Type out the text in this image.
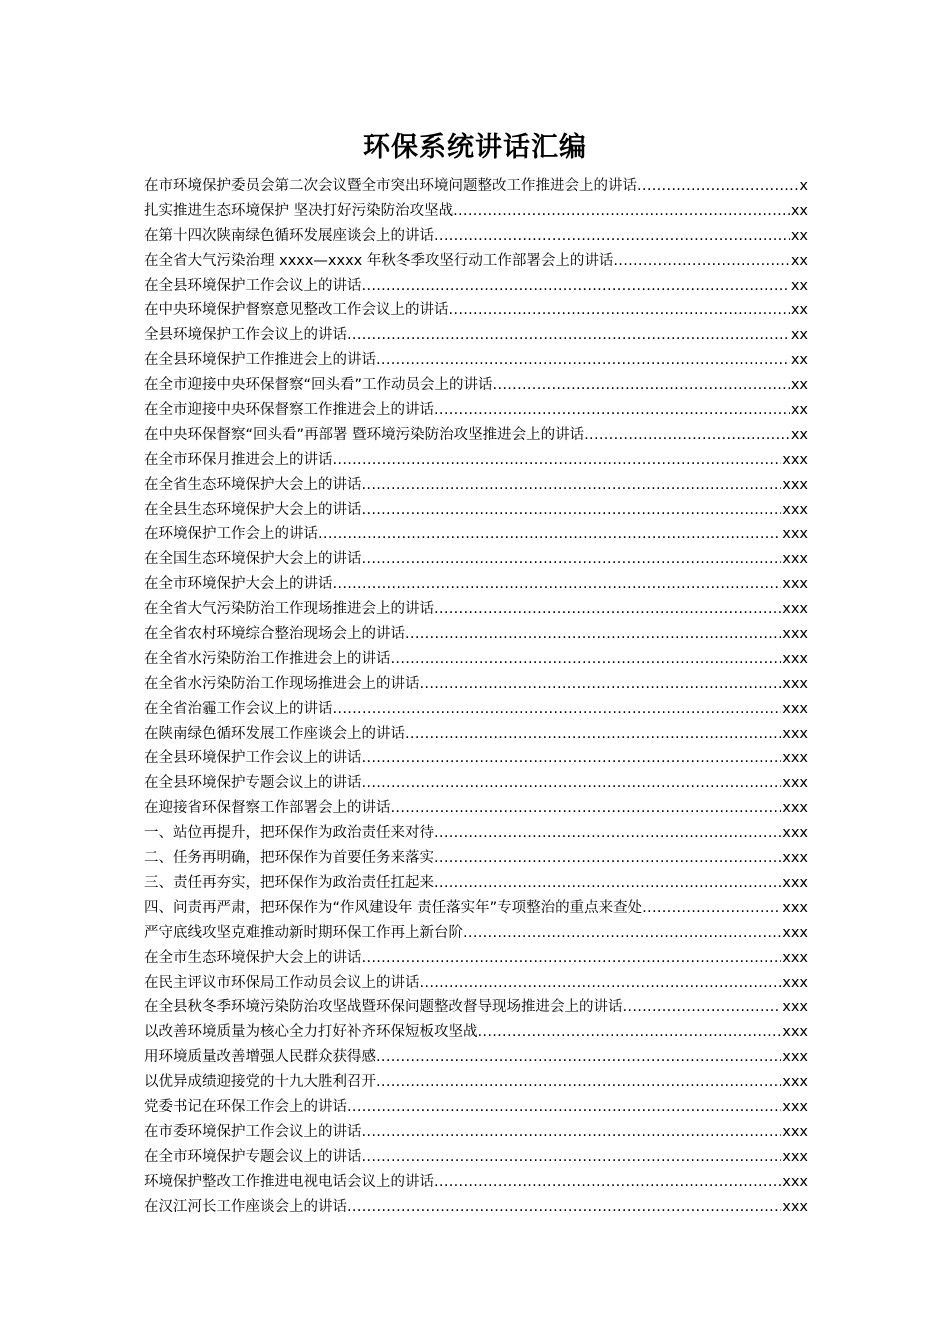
环保系统讲话汇编
在市环境保护委员会第二次会议暨全市突出环境问题整改工作推进会上的讲话 .....	x
扎实推进生态环境保护 坚决打好污染防治攻坚战 .....	xx
在第十四次陕南绿色循环发展座谈会上的讲话 .....	xx
在全省大气污染治理 xxxx—xxxx 年秋冬季攻坚行动工作部署会上的讲话 .....	xx
在全县环境保护工作会议上的讲话 .....	xx
在中央环境保护督察意见整改工作会议上的讲话 .....	xx
全县环境保护工作会议上的讲话 .....	xx
在全县环境保护工作推进会上的讲话 .....	xx
在全市迎接中央环保督察“回头看”工作动员会上的讲话 .....	xx
在全市迎接中央环保督察工作推进会上的讲话 .....	xx
在中央环保督察“回头看”再部署 暨环境污染防治攻坚推进会上的讲话 .....	xx
在全市环保月推进会上的讲话 .....	xxx
在全省生态环境保护大会上的讲话 .....	xxx
在全县生态环境保护大会上的讲话 .....	xxx
在环境保护工作会上的讲话 .....	xxx
在全国生态环境保护大会上的讲话 .....	xxx
在全市环境保护大会上的讲话 .....	xxx
在全省大气污染防治工作现场推进会上的讲话 .....	xxx
在全省农村环境综合整治现场会上的讲话 .....	xxx
在全省水污染防治工作推进会上的讲话 .....	xxx
在全省水污染防治工作现场推进会上的讲话 .....	xxx
在全省治霾工作会议上的讲话 .....	xxx
在陕南绿色循环发展工作座谈会上的讲话 .....	xxx
在全县环境保护工作会议上的讲话 .....	xxx
在全县环境保护专题会议上的讲话 .....	xxx
在迎接省环保督察工作部署会上的讲话 .....	xxx
一、站位再提升，把环保作为政治责任来对待 .....	xxx
二、任务再明确，把环保作为首要任务来落实 .....	xxx
三、责任再夯实，把环保作为政治责任扛起来 .....	xxx
四、问责再严肃，把环保作为“作风建设年 责任落实年”专项整治的重点来查处 .....	xxx
严守底线攻坚克难推动新时期环保工作再上新台阶 .....	xxx
在全市生态环境保护大会上的讲话 .....	xxx
在民主评议市环保局工作动员会议上的讲话 .....	xxx
在全县秋冬季环境污染防治攻坚战暨环保问题整改督导现场推进会上的讲话 .....	xxx
以改善环境质量为核心全力打好补齐环保短板攻坚战 .....	xxx
用环境质量改善增强人民群众获得感 .....	xxx
以优异成绩迎接党的十九大胜利召开 .....	xxx
党委书记在环保工作会上的讲话 .....	xxx
在市委环境保护工作会议上的讲话 .....	xxx
在全市环境保护专题会议上的讲话 .....	xxx
环境保护整改工作推进电视电话会议上的讲话 .....	xxx
在汉江河长工作座谈会上的讲话 .....	xxx
